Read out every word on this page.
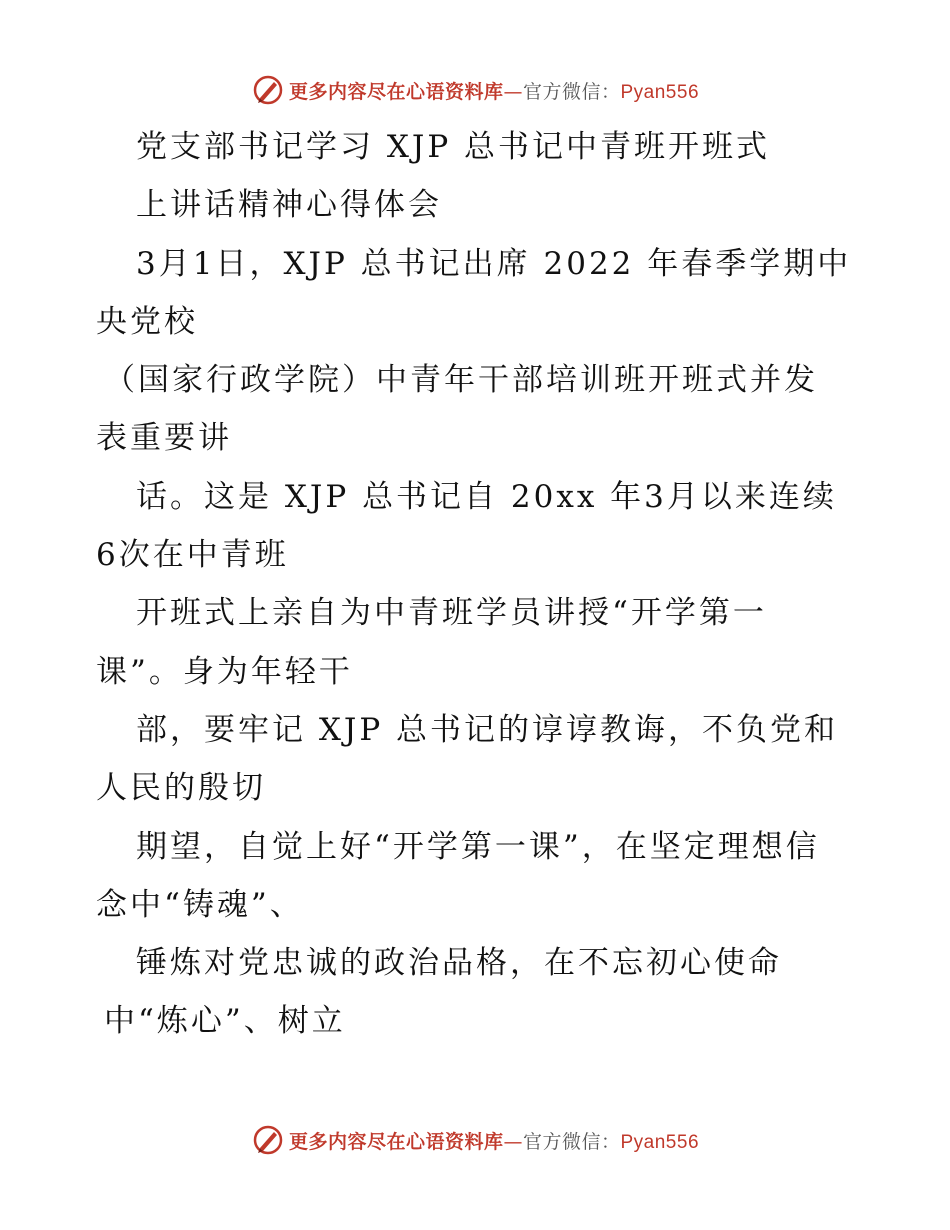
更多内容尽在心语资料库—官方微信：Pyan556
党支部书记学习 XJP 总书记中青班开班式
上讲话精神心得体会
3月1日，XJP 总书记出席 2022 年春季学期中
央党校
（国家行政学院）中青年干部培训班开班式并发
表重要讲
话。这是 XJP 总书记自 20xx 年3月以来连续
6次在中青班
开班式上亲自为中青班学员讲授“开学第一
课”。身为年轻干
部，要牢记 XJP 总书记的谆谆教诲，不负党和
人民的殷切
期望，自觉上好“开学第一课”，在坚定理想信
念中“铸魂”、
锤炼对党忠诚的政治品格，在不忘初心使命
中“炼心”、树立
更多内容尽在心语资料库—官方微信：Pyan556
